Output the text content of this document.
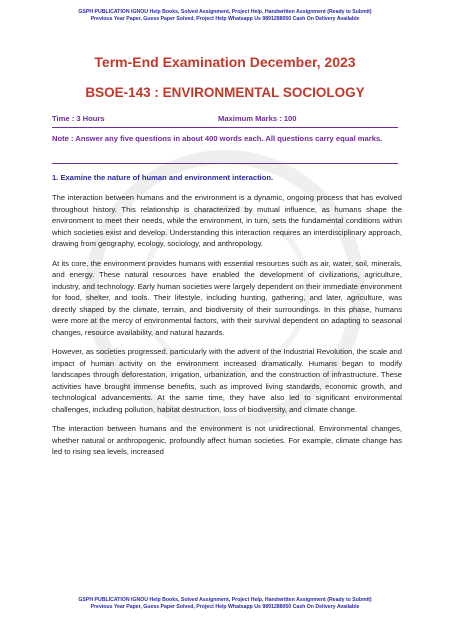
GSPH PUBLICATION IGNOU Help Books, Solved Assignment, Project Help, Handwritten Assignment (Ready to Submit)
Previous Year Paper, Guess Paper Solved, Project Help Whatsapp Us 9891288050 Cash On Delivery Available
Term-End Examination December, 2023
BSOE-143 : ENVIRONMENTAL SOCIOLOGY
Time : 3 Hours	Maximum Marks : 100
Note : Answer any five questions in about 400 words each. All questions carry equal marks.
1. Examine the nature of human and environment interaction.

The interaction between humans and the environment is a dynamic, ongoing process that has evolved throughout history. This relationship is characterized by mutual influence, as humans shape the environment to meet their needs, while the environment, in turn, sets the fundamental conditions within which societies exist and develop. Understanding this interaction requires an interdisciplinary approach, drawing from geography, ecology, sociology, and anthropology.

At its core, the environment provides humans with essential resources such as air, water, soil, minerals, and energy. These natural resources have enabled the development of civilizations, agriculture, industry, and technology. Early human societies were largely dependent on their immediate environment for food, shelter, and tools. Their lifestyle, including hunting, gathering, and later, agriculture, was directly shaped by the climate, terrain, and biodiversity of their surroundings. In this phase, humans were more at the mercy of environmental factors, with their survival dependent on adapting to seasonal changes, resource availability, and natural hazards.

However, as societies progressed, particularly with the advent of the Industrial Revolution, the scale and impact of human activity on the environment increased dramatically. Humans began to modify landscapes through deforestation, irrigation, urbanization, and the construction of infrastructure. These activities have brought immense benefits, such as improved living standards, economic growth, and technological advancements. At the same time, they have also led to significant environmental challenges, including pollution, habitat destruction, loss of biodiversity, and climate change.

The interaction between humans and the environment is not unidirectional. Environmental changes, whether natural or anthropogenic, profoundly affect human societies. For example, climate change has led to rising sea levels, increased

GSPH PUBLICATION IGNOU Help Books, Solved Assignment, Project Help, Handwritten Assignment (Ready to Submit)
Previous Year Paper, Guess Paper Solved, Project Help Whatsapp Us 9891288050 Cash On Delivery Available
